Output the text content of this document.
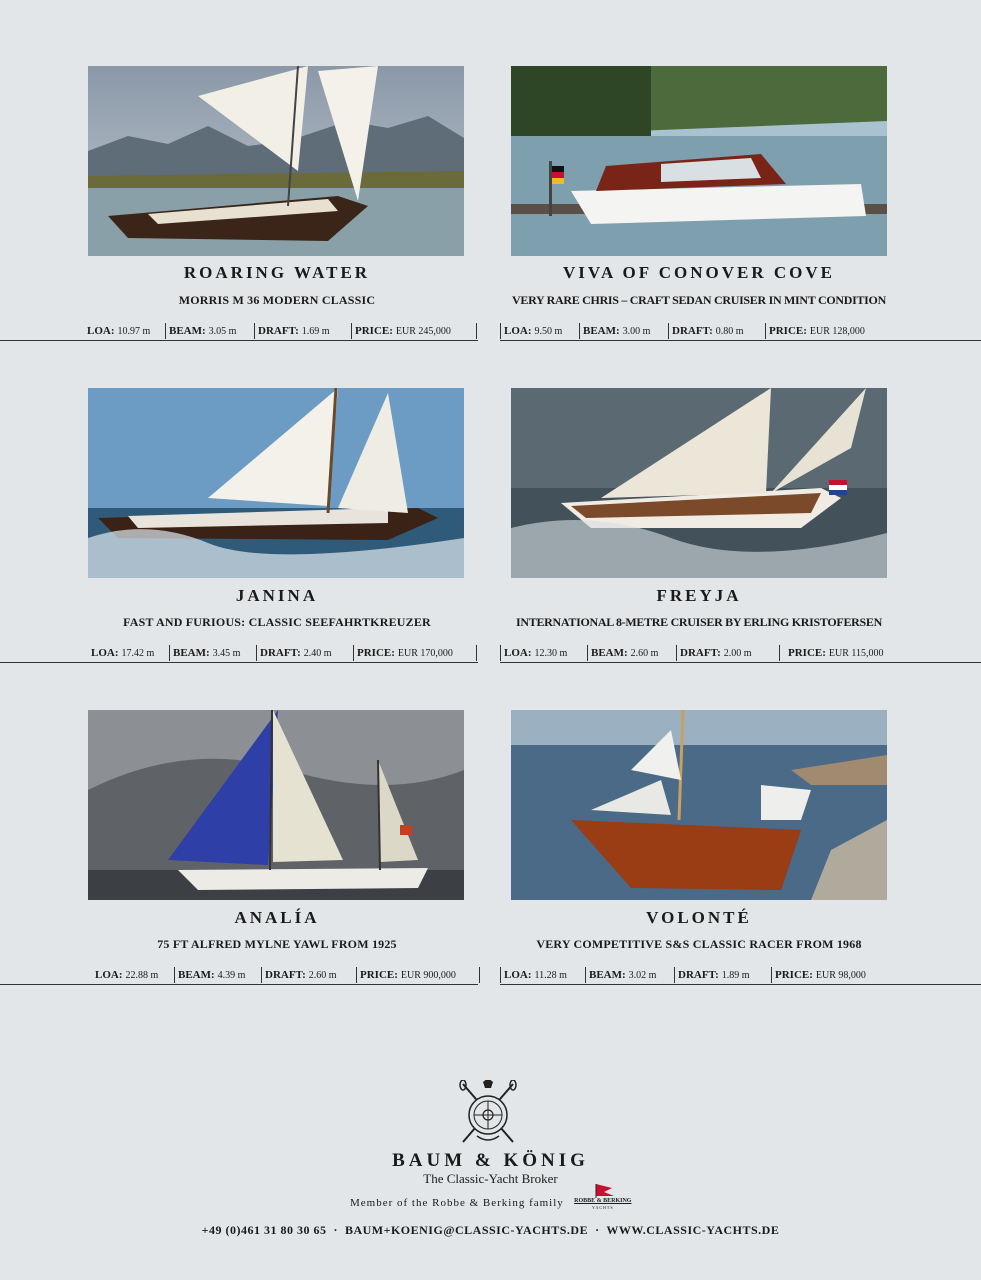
ROARING WATER
MORRIS M 36 MODERN CLASSIC
LOA: 10.97 m BEAM: 3.05 m DRAFT: 1.69 m PRICE: EUR 245,000
VIVA OF CONOVER COVE
VERY RARE CHRIS – CRAFT SEDAN CRUISER IN MINT CONDITION
LOA: 9.50 m BEAM: 3.00 m DRAFT: 0.80 m PRICE: EUR 128,000
JANINA
FAST AND FURIOUS: CLASSIC SEEFAHRTKREUZER
LOA: 17.42 m BEAM: 3.45 m DRAFT: 2.40 m PRICE: EUR 170,000
FREYJA
INTERNATIONAL 8-METRE CRUISER BY ERLING KRISTOFERSEN
LOA: 12.30 m BEAM: 2.60 m DRAFT: 2.00 m	PRICE: EUR 115,000
ANALÍA
75 FT ALFRED MYLNE YAWL FROM 1925
LOA: 22.88 m BEAM: 4.39 m DRAFT: 2.60 m PRICE: EUR 900,000
VOLONTÉ
VERY COMPETITIVE S&S CLASSIC RACER FROM 1968
LOA: 11.28 m BEAM: 3.02 m DRAFT: 1.89 m PRICE: EUR 98,000
BAUM & KÖNIG
The Classic-Yacht Broker
Member of the Robbe & Berking family	ROBBE & BERKING
YACHTS
+49 (0)461 31 80 30 65  ·  BAUM+KOENIG@CLASSIC-YACHTS.DE  ·  WWW.CLASSIC-YACHTS.DE
